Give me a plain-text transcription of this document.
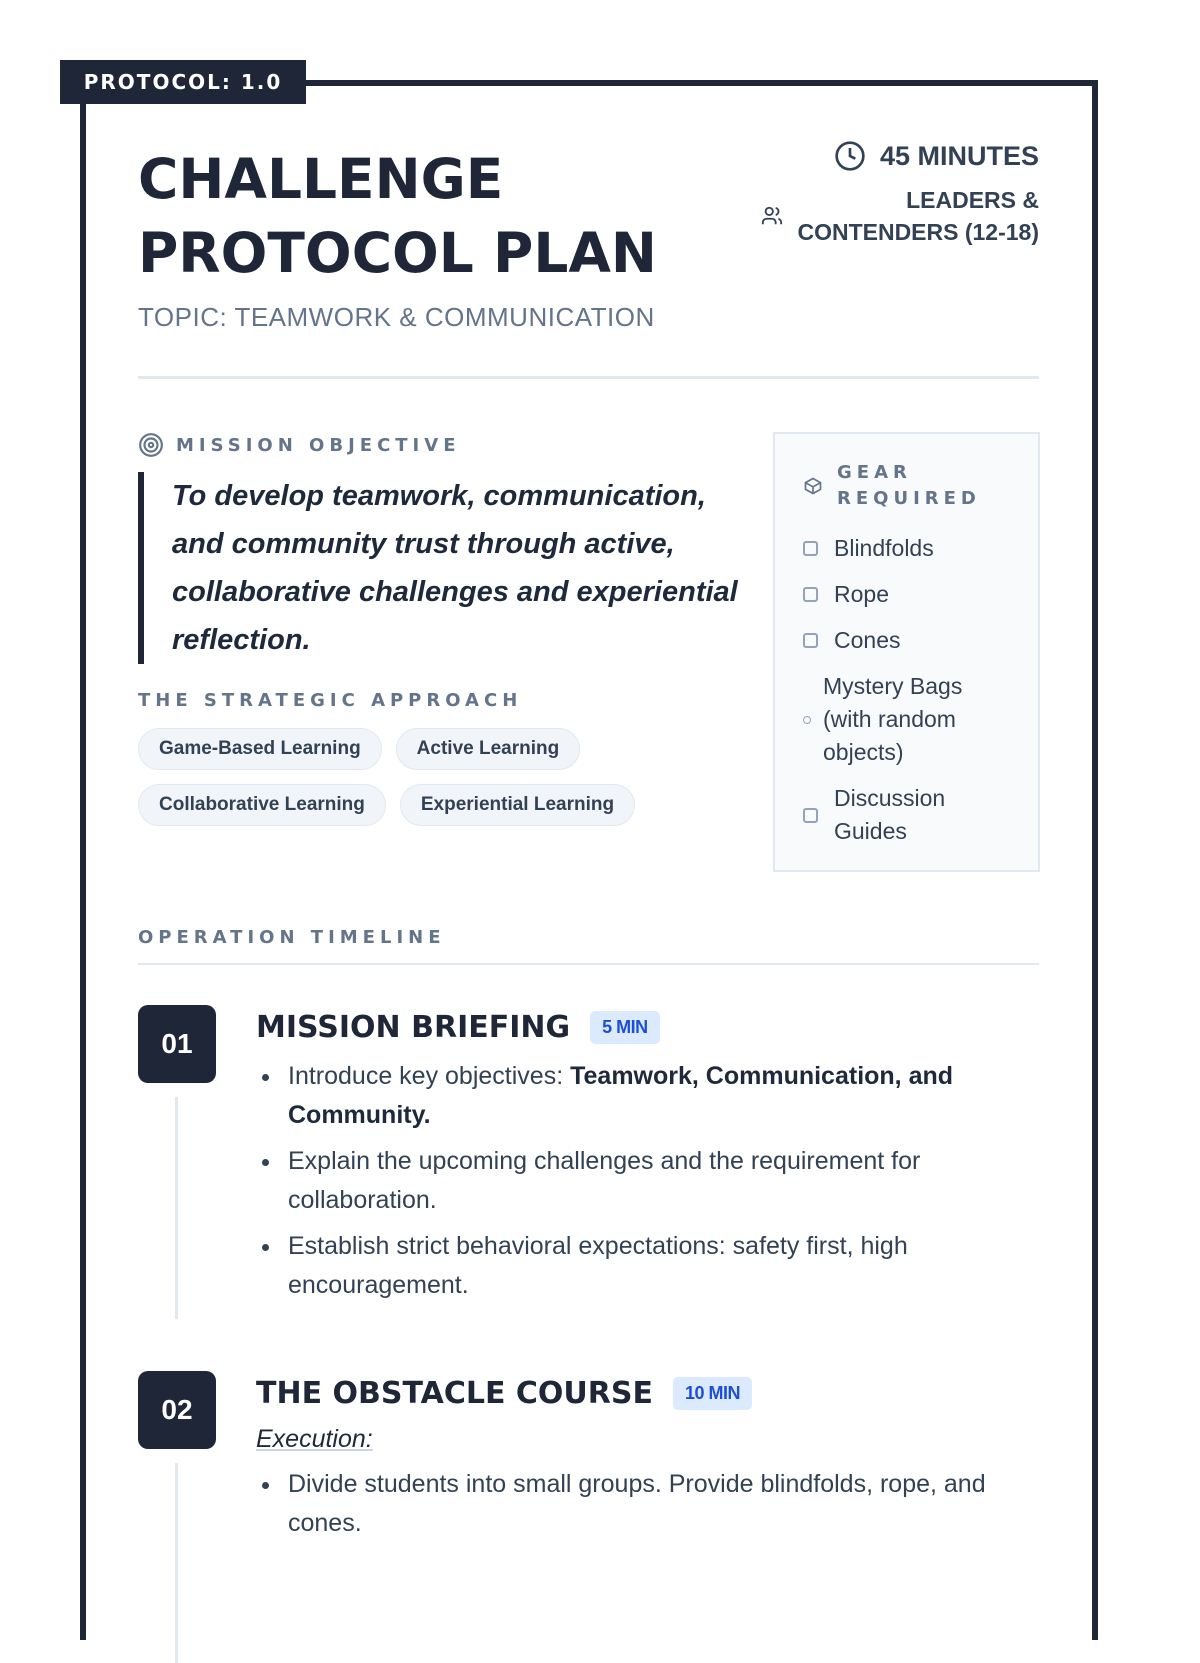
PROTOCOL: 1.0
CHALLENGE
PROTOCOL PLAN
TOPIC: TEAMWORK & COMMUNICATION
45 MINUTES
LEADERS &
CONTENDERS (12-18)
MISSION OBJECTIVE
To develop teamwork, communication, and community trust through active, collaborative challenges and experiential reflection.
THE STRATEGIC APPROACH
Game-Based Learning	Active Learning
Collaborative Learning	Experiential Learning
GEAR
REQUIRED
Blindfolds
Rope
Cones
Mystery Bags (with random objects)
Discussion Guides
OPERATION TIMELINE
01	MISSION BRIEFING	5 MIN
Introduce key objectives: Teamwork, Communication, and Community.
Explain the upcoming challenges and the requirement for collaboration.
Establish strict behavioral expectations: safety first, high encouragement.
02	THE OBSTACLE COURSE	10 MIN
Execution:
Divide students into small groups. Provide blindfolds, rope, and cones.
